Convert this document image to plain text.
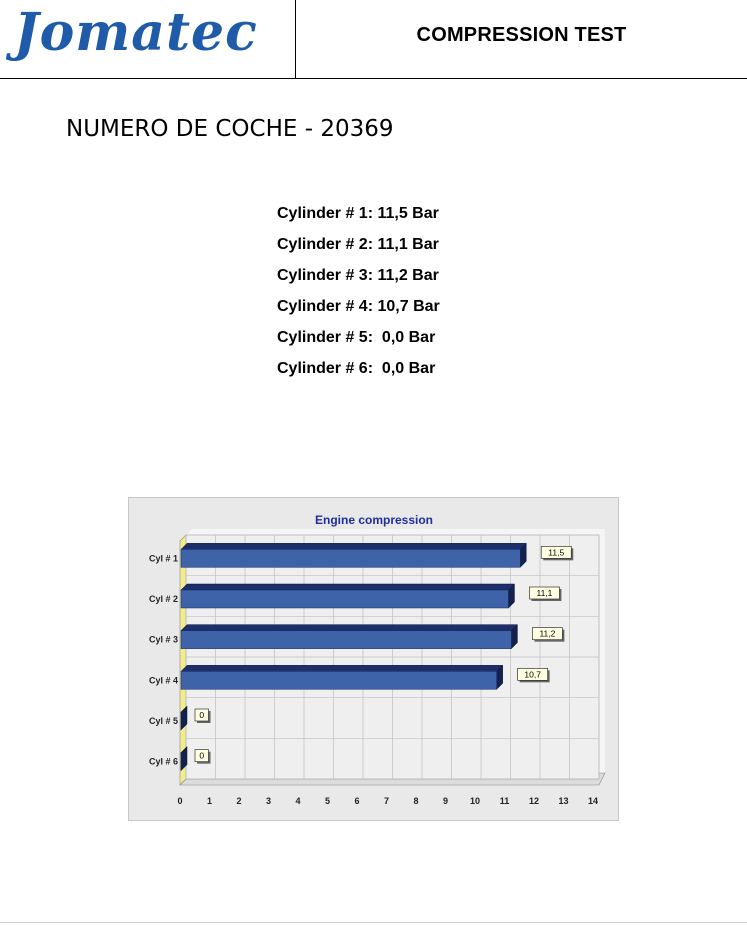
Jomatec	COMPRESSION TEST
NUMERO DE COCHE - 20369
Cylinder # 1: 11,5 Bar
Cylinder # 2: 11,1 Bar
Cylinder # 3: 11,2 Bar
Cylinder # 4: 10,7 Bar
Cylinder # 5:  0,0 Bar
Cylinder # 6:  0,0 Bar
Engine compression
0	1	2	3	4	5	6	7	8	9 10 11 12 13 14
Cyl # 1
11,5
Cyl # 2
11,1
Cyl # 3
11,2
Cyl # 4
10,7
Cyl # 5
0
Cyl # 6
0
